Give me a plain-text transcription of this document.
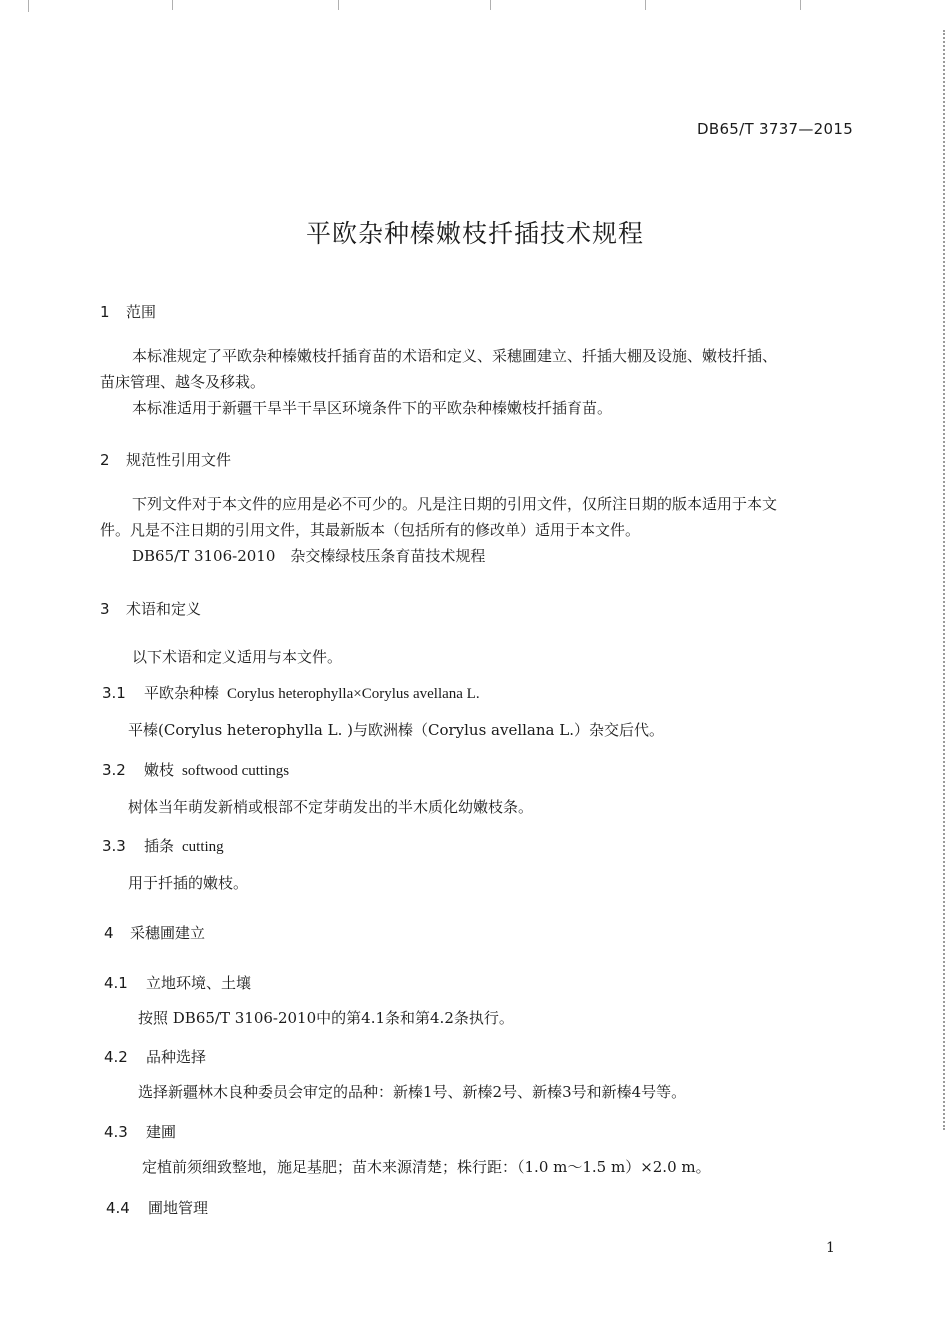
DB65/T 3737—2015
平欧杂种榛嫩枝扦插技术规程
1 范围
本标准规定了平欧杂种榛嫩枝扦插育苗的术语和定义、采穗圃建立、扦插大棚及设施、嫩枝扦插、
苗床管理、越冬及移栽。
本标准适用于新疆干旱半干旱区环境条件下的平欧杂种榛嫩枝扦插育苗。
2 规范性引用文件
下列文件对于本文件的应用是必不可少的。凡是注日期的引用文件，仅所注日期的版本适用于本文
件。凡是不注日期的引用文件，其最新版本（包括所有的修改单）适用于本文件。
DB65/T 3106-2010　杂交榛绿枝压条育苗技术规程
3 术语和定义
以下术语和定义适用与本文件。
3.1 平欧杂种榛 Corylus heterophylla×Corylus avellana L.
平榛(Corylus heterophylla L. )与欧洲榛（Corylus avellana L.）杂交后代。
3.2 嫩枝 softwood cuttings
树体当年萌发新梢或根部不定芽萌发出的半木质化幼嫩枝条。
3.3 插条 cutting
用于扦插的嫩枝。
4 采穗圃建立
4.1 立地环境、土壤
按照 DB65/T 3106-2010中的第4.1条和第4.2条执行。
4.2 品种选择
选择新疆林木良种委员会审定的品种：新榛1号、新榛2号、新榛3号和新榛4号等。
4.3 建圃
定植前须细致整地，施足基肥；苗木来源清楚；株行距：（1.0 m～1.5 m）×2.0 m。
4.4 圃地管理
1
